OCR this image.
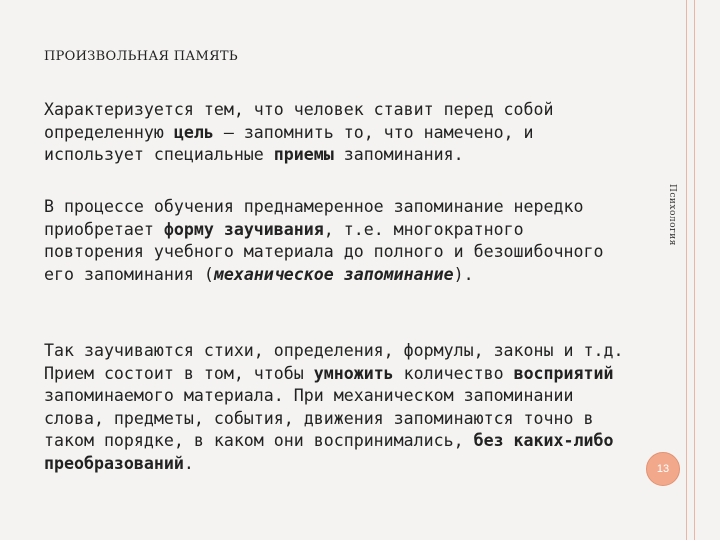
ПРОИЗВОЛЬНАЯ ПАМЯТЬ

Характеризуется тем, что человек ставит перед собой определенную цель – запомнить то, что намечено, и использует специальные приемы запоминания.

В процессе обучения преднамеренное запоминание нередко приобретает форму заучивания, т.е. многократного повторения учебного материала до полного и безошибочного его запоминания (механическое запоминание).

Так заучиваются стихи, определения, формулы, законы и т.д. Прием состоит в том, чтобы умножить количество восприятий запоминаемого материала. При механическом запоминании слова, предметы, события, движения запоминаются точно в таком порядке, в каком они воспринимались, без каких-либо преобразований.

Психология
13
